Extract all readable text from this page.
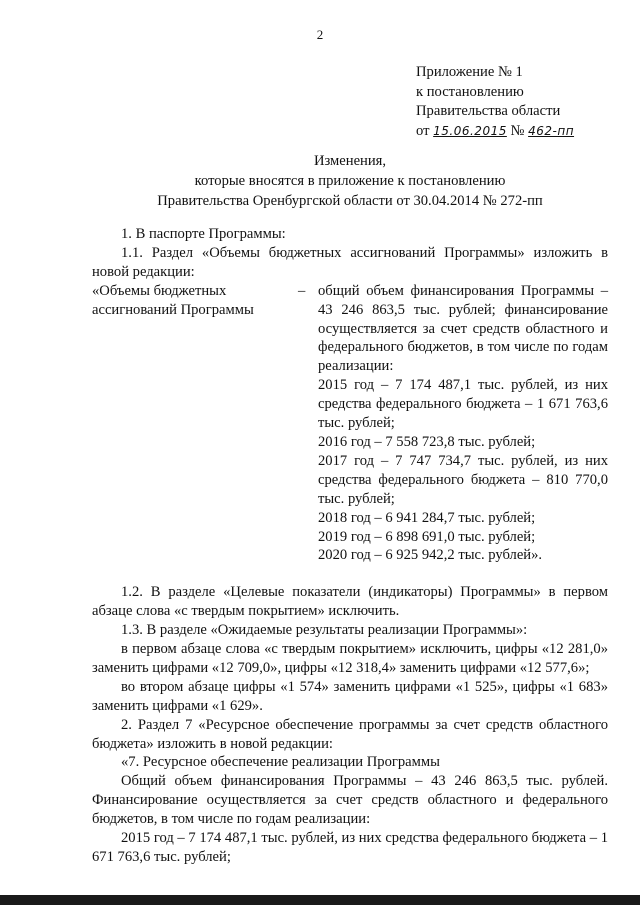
2
Приложение № 1
к постановлению
Правительства области
от 15.06.2015 № 462-пп
Изменения,
которые вносятся в приложение к постановлению
Правительства Оренбургской области от 30.04.2014 № 272-пп
1. В паспорте Программы:
1.1. Раздел «Объемы бюджетных ассигнований Программы» изложить в новой редакции:
«Объемы бюджетных
ассигнований Программы
– общий объем финансирования Программы – 43 246 863,5 тыс. рублей; финансирование осуществляется за счет средств областного и федерального бюджетов, в том числе по годам реализации:
2015 год – 7 174 487,1 тыс. рублей, из них средства федерального бюджета – 1 671 763,6 тыс. рублей;
2016 год – 7 558 723,8 тыс. рублей;
2017 год – 7 747 734,7 тыс. рублей, из них средства федерального бюджета – 810 770,0 тыс. рублей;
2018 год – 6 941 284,7 тыс. рублей;
2019 год – 6 898 691,0 тыс. рублей;
2020 год – 6 925 942,2 тыс. рублей».
1.2. В разделе «Целевые показатели (индикаторы) Программы» в первом абзаце слова «с твердым покрытием» исключить.
1.3. В разделе «Ожидаемые результаты реализации Программы»:
в первом абзаце слова «с твердым покрытием» исключить, цифры «12 281,0» заменить цифрами «12 709,0», цифры «12 318,4» заменить цифрами «12 577,6»;
во втором абзаце цифры «1 574» заменить цифрами «1 525», цифры «1 683» заменить цифрами «1 629».
2. Раздел 7 «Ресурсное обеспечение программы за счет средств областного бюджета» изложить в новой редакции:
«7. Ресурсное обеспечение реализации Программы
Общий объем финансирования Программы – 43 246 863,5 тыс. рублей. Финансирование осуществляется за счет средств областного и федерального бюджетов, в том числе по годам реализации:
2015 год – 7 174 487,1 тыс. рублей, из них средства федерального бюджета – 1 671 763,6 тыс. рублей;
